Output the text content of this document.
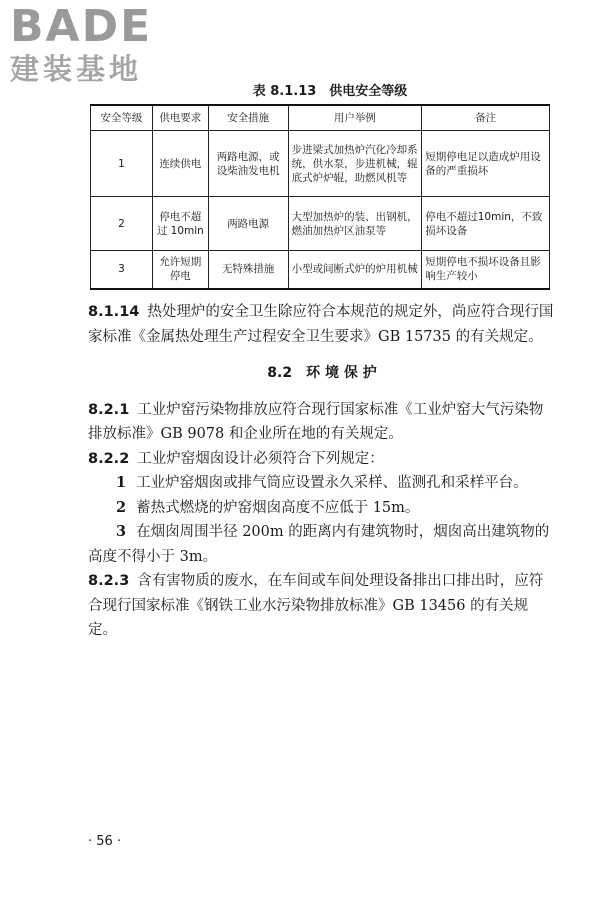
BADE
建装基地
表 8.1.13　供电安全等级
安全等级	供电要求	安全措施	用户举例	备注
1	连续供电	两路电源，或设柴油发电机	步进梁式加热炉汽化冷却系统，供水泵，步进机械，辊底式炉炉辊，助燃风机等	短期停电足以造成炉用设备的严重损坏
2	停电不超过 10min	两路电源	大型加热炉的装、出钢机，燃油加热炉区油泵等	停电不超过10min，不致损坏设备
3	允许短期停电	无特殊措施	小型或间断式炉的炉用机械	短期停电不损坏设备且影响生产较小

8.1.14 热处理炉的安全卫生除应符合本规范的规定外，尚应符合现行国家标准《金属热处理生产过程安全卫生要求》GB 15735 的有关规定。

8.2　环 境 保 护

8.2.1 工业炉窑污染物排放应符合现行国家标准《工业炉窑大气污染物排放标准》GB 9078 和企业所在地的有关规定。

8.2.2 工业炉窑烟囱设计必须符合下列规定：

1 工业炉窑烟囱或排气筒应设置永久采样、监测孔和采样平台。

2 蓄热式燃烧的炉窑烟囱高度不应低于 15m。

3 在烟囱周围半径 200m 的距离内有建筑物时，烟囱高出建筑物的高度不得小于 3m。

8.2.3 含有害物质的废水，在车间或车间处理设备排出口排出时，应符合现行国家标准《钢铁工业水污染物排放标准》GB 13456 的有关规定。

· 56 ·
